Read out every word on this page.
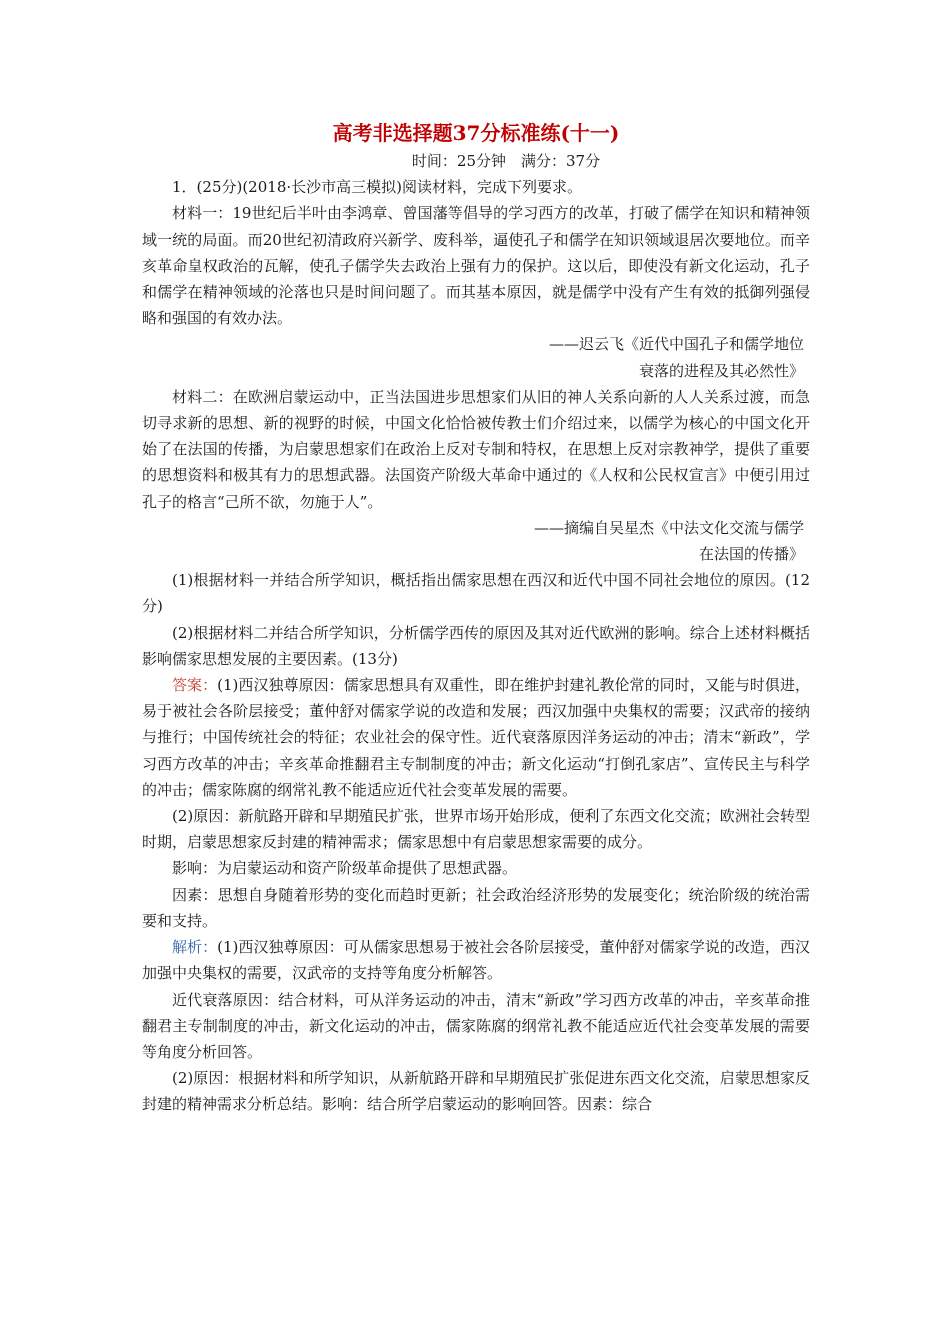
高考非选择题37分标准练(十一)
时间：25分钟　满分：37分

1．(25分)(2018·长沙市高三模拟)阅读材料，完成下列要求。

材料一：19世纪后半叶由李鸿章、曾国藩等倡导的学习西方的改革，打破了儒学在知识和精神领域一统的局面。而20世纪初清政府兴新学、废科举，逼使孔子和儒学在知识领域退居次要地位。而辛亥革命皇权政治的瓦解，使孔子儒学失去政治上强有力的保护。这以后，即使没有新文化运动，孔子和儒学在精神领域的沦落也只是时间问题了。而其基本原因，就是儒学中没有产生有效的抵御列强侵略和强国的有效办法。

——迟云飞《近代中国孔子和儒学地位
衰落的进程及其必然性》

材料二：在欧洲启蒙运动中，正当法国进步思想家们从旧的神人关系向新的人人关系过渡，而急切寻求新的思想、新的视野的时候，中国文化恰恰被传教士们介绍过来，以儒学为核心的中国文化开始了在法国的传播，为启蒙思想家们在政治上反对专制和特权，在思想上反对宗教神学，提供了重要的思想资料和极其有力的思想武器。法国资产阶级大革命中通过的《人权和公民权宣言》中便引用过孔子的格言“己所不欲，勿施于人”。

——摘编自吴星杰《中法文化交流与儒学
在法国的传播》

(1)根据材料一并结合所学知识，概括指出儒家思想在西汉和近代中国不同社会地位的原因。(12分)

(2)根据材料二并结合所学知识，分析儒学西传的原因及其对近代欧洲的影响。综合上述材料概括影响儒家思想发展的主要因素。(13分)

答案：(1)西汉独尊原因：儒家思想具有双重性，即在维护封建礼教伦常的同时，又能与时俱进，易于被社会各阶层接受；董仲舒对儒家学说的改造和发展；西汉加强中央集权的需要；汉武帝的接纳与推行；中国传统社会的特征；农业社会的保守性。近代衰落原因洋务运动的冲击；清末“新政”，学习西方改革的冲击；辛亥革命推翻君主专制制度的冲击；新文化运动“打倒孔家店”、宣传民主与科学的冲击；儒家陈腐的纲常礼教不能适应近代社会变革发展的需要。

(2)原因：新航路开辟和早期殖民扩张，世界市场开始形成，便利了东西文化交流；欧洲社会转型时期，启蒙思想家反封建的精神需求；儒家思想中有启蒙思想家需要的成分。

影响：为启蒙运动和资产阶级革命提供了思想武器。

因素：思想自身随着形势的变化而趋时更新；社会政治经济形势的发展变化；统治阶级的统治需要和支持。

解析：(1)西汉独尊原因：可从儒家思想易于被社会各阶层接受，董仲舒对儒家学说的改造，西汉加强中央集权的需要，汉武帝的支持等角度分析解答。

近代衰落原因：结合材料，可从洋务运动的冲击，清末“新政”学习西方改革的冲击，辛亥革命推翻君主专制制度的冲击，新文化运动的冲击，儒家陈腐的纲常礼教不能适应近代社会变革发展的需要等角度分析回答。

(2)原因：根据材料和所学知识，从新航路开辟和早期殖民扩张促进东西文化交流，启蒙思想家反封建的精神需求分析总结。影响：结合所学启蒙运动的影响回答。因素：综合
